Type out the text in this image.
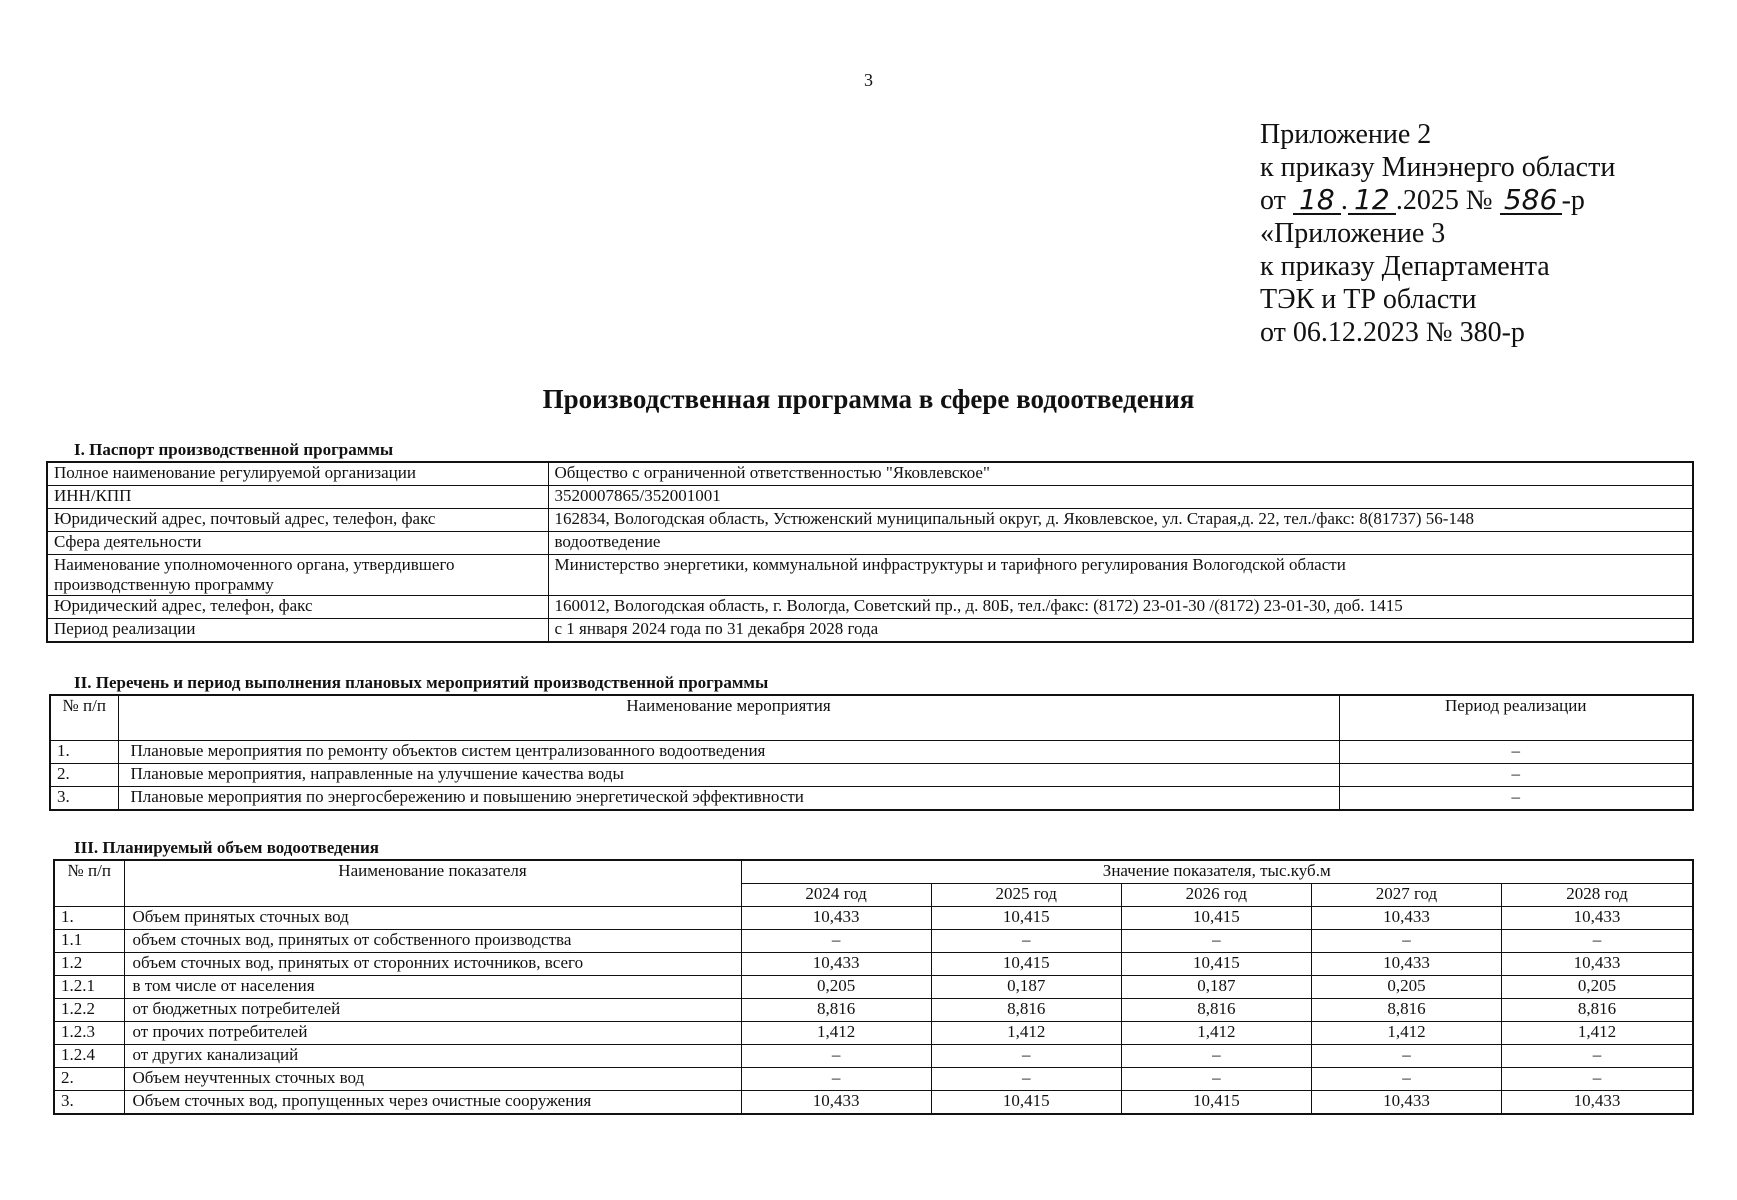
3
Приложение 2
к приказу Минэнерго области
от 18 . 12 .2025 № 586 -р
«Приложение 3
к приказу Департамента
ТЭК и ТР области
от 06.12.2023 № 380-р
Производственная программа в сфере водоотведения
I. Паспорт производственной программы
Полное наименование регулируемой организации	Общество с ограниченной ответственностью "Яковлевское"
ИНН/КПП	3520007865/352001001
Юридический адрес, почтовый адрес, телефон, факс	162834, Вологодская область, Устюженский муниципальный округ, д. Яковлевское, ул. Старая,д. 22, тел./факс: 8(81737) 56-148
Сфера деятельности	водоотведение
Наименование уполномоченного органа, утвердившего производственную программу	Министерство энергетики, коммунальной инфраструктуры и тарифного регулирования Вологодской области
Юридический адрес, телефон, факс	160012, Вологодская область, г. Вологда, Советский пр., д. 80Б, тел./факс: (8172) 23-01-30 /(8172) 23-01-30, доб. 1415
Период реализации	с 1 января 2024 года по 31 декабря 2028 года
II. Перечень и период выполнения плановых мероприятий производственной программы
№ п/п	Наименование мероприятия	Период реализации
1.	Плановые мероприятия по ремонту объектов систем централизованного водоотведения	–
2.	Плановые мероприятия, направленные на улучшение качества воды	–
3.	Плановые мероприятия по энергосбережению и повышению энергетической эффективности	–
III. Планируемый объем водоотведения
№ п/п	Наименование показателя	Значение показателя, тыс.куб.м				
		2024 год	2025 год	2026 год	2027 год	2028 год
1.	Объем принятых сточных вод	10,433	10,415	10,415	10,433	10,433
1.1	объем сточных вод, принятых от собственного производства	–	–	–	–	–
1.2	объем сточных вод, принятых от сторонних источников, всего	10,433	10,415	10,415	10,433	10,433
1.2.1	в том числе от населения	0,205	0,187	0,187	0,205	0,205
1.2.2	от бюджетных потребителей	8,816	8,816	8,816	8,816	8,816
1.2.3	от прочих потребителей	1,412	1,412	1,412	1,412	1,412
1.2.4	от других канализаций	–	–	–	–	–
2.	Объем неучтенных сточных вод	–	–	–	–	–
3.	Объем сточных вод, пропущенных через очистные сооружения	10,433	10,415	10,415	10,433	10,433
